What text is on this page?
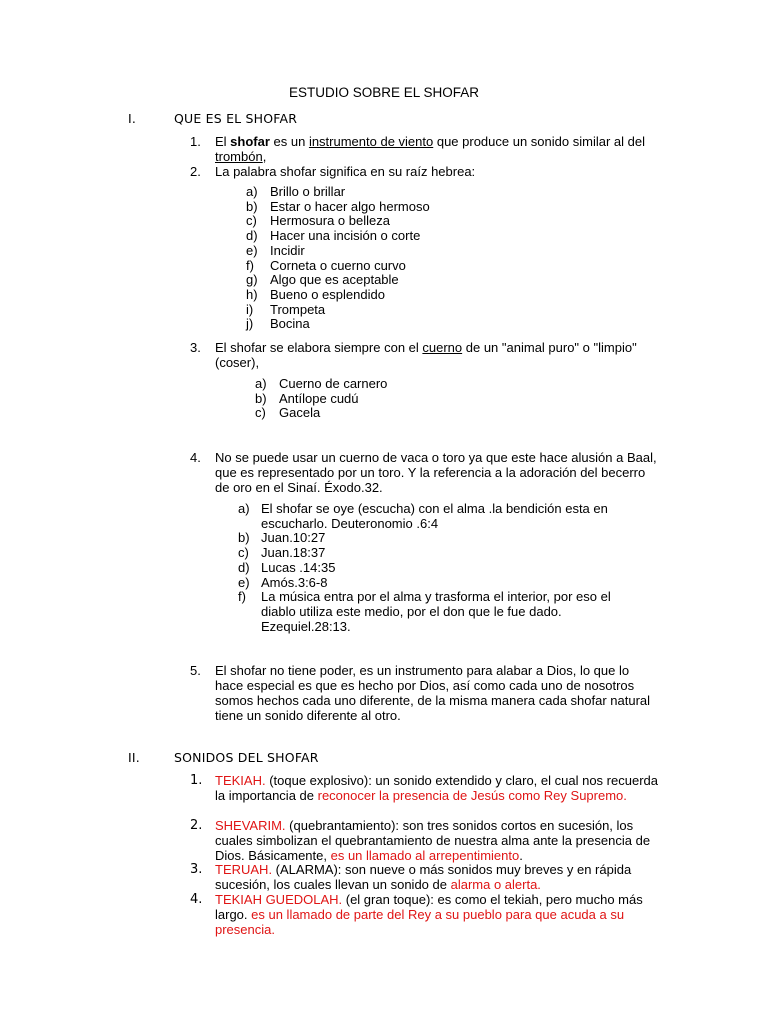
ESTUDIO SOBRE EL SHOFAR
I.	QUE ES EL SHOFAR
1.	El shofar es un instrumento de viento que produce un sonido similar al del trombón,
2.	La palabra shofar significa en su raíz hebrea:
a) Brillo o brillar
b) Estar o hacer algo hermoso
c) Hermosura o belleza
d) Hacer una incisión o corte
e) Incidir
f) Corneta o cuerno curvo
g) Algo que es aceptable
h) Bueno o esplendido
i) Trompeta
j) Bocina
3.	El shofar se elabora siempre con el cuerno de un "animal puro" o "limpio" (coser),
a) Cuerno de carnero
b) Antílope cudú
c) Gacela
4.	No se puede usar un cuerno de vaca o toro ya que este hace alusión a Baal, que es representado por un toro. Y la referencia a la adoración del becerro de oro en el Sinaí. Éxodo.32.
a) El shofar se oye (escucha) con el alma .la bendición esta en escucharlo. Deuteronomio .6:4
b) Juan.10:27
c) Juan.18:37
d) Lucas .14:35
e) Amós.3:6-8
f) La música entra por el alma y trasforma el interior, por eso el diablo utiliza este medio, por el don que le fue dado. Ezequiel.28:13.
5.	El shofar no tiene poder, es un instrumento para alabar a Dios, lo que lo hace especial es que es hecho por Dios, así como cada uno de nosotros somos hechos cada uno diferente, de la misma manera cada shofar natural tiene un sonido diferente al otro.
II.	SONIDOS DEL SHOFAR
1. TEKIAH. (toque explosivo): un sonido extendido y claro, el cual nos recuerda la importancia de reconocer la presencia de Jesús como Rey Supremo.
2. SHEVARIM. (quebrantamiento): son tres sonidos cortos en sucesión, los cuales simbolizan el quebrantamiento de nuestra alma ante la presencia de Dios. Básicamente, es un llamado al arrepentimiento.
3. TERUAH. (ALARMA): son nueve o más sonidos muy breves y en rápida sucesión, los cuales llevan un sonido de alarma o alerta.
4. TEKIAH GUEDOLAH. (el gran toque): es como el tekiah, pero mucho más largo. es un llamado de parte del Rey a su pueblo para que acuda a su presencia.
